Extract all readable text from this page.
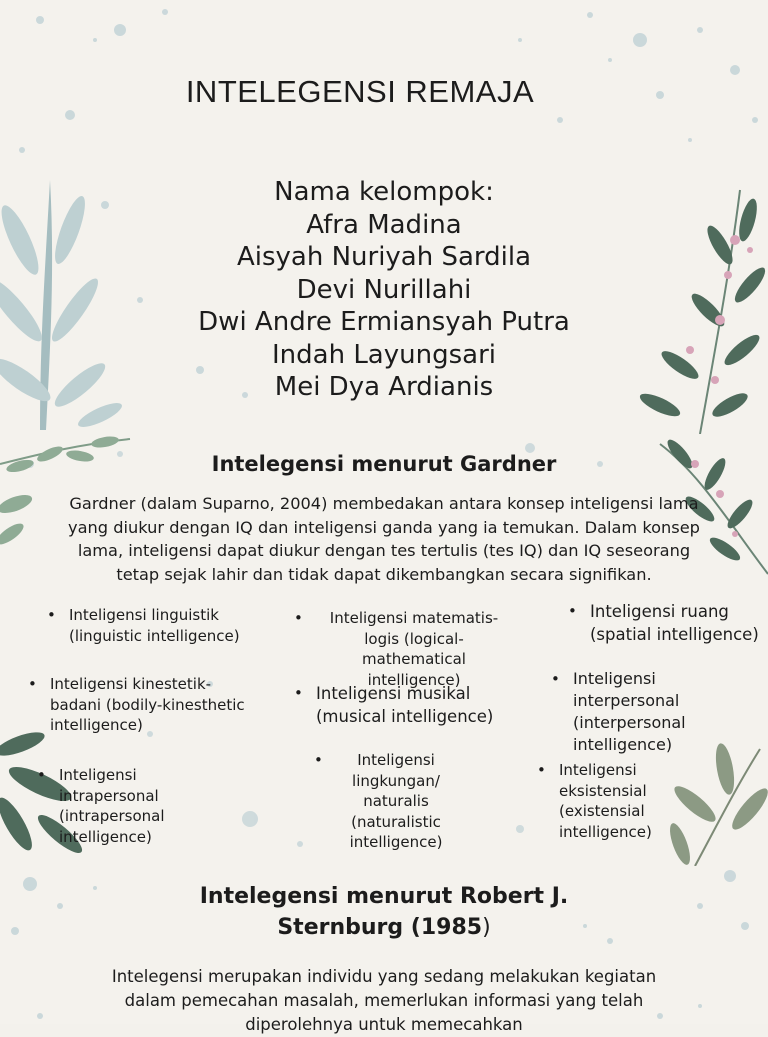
INTELEGENSI REMAJA
Nama kelompok:
Afra Madina
Aisyah Nuriyah Sardila
Devi Nurillahi
Dwi Andre Ermiansyah Putra
Indah Layungsari
Mei Dya Ardianis
Intelegensi menurut Gardner
Gardner (dalam Suparno, 2004) membedakan antara konsep inteligensi lama yang diukur dengan IQ dan inteligensi ganda yang ia temukan. Dalam konsep lama, inteligensi dapat diukur dengan tes tertulis (tes IQ) dan IQ seseorang tetap sejak lahir dan tidak dapat dikembangkan secara signifikan.
• Inteligensi linguistik (linguistic intelligence)
• Inteligensi matematis-logis (logical-mathematical intelligence)
• Inteligensi ruang (spatial intelligence)
• Inteligensi kinestetik-badani (bodily-kinesthetic intelligence)
• Inteligensi musikal (musical intelligence)
• Inteligensi interpersonal (interpersonal intelligence)
• Inteligensi intrapersonal (intrapersonal intelligence)
• Inteligensi lingkungan/ naturalis (naturalistic intelligence)
• Inteligensi eksistensial (existensial intelligence)
Intelegensi menurut Robert J.
Sternburg (1985)
Intelegensi merupakan individu yang sedang melakukan kegiatan dalam pemecahan masalah, memerlukan informasi yang telah diperolehnya untuk memecahkan
